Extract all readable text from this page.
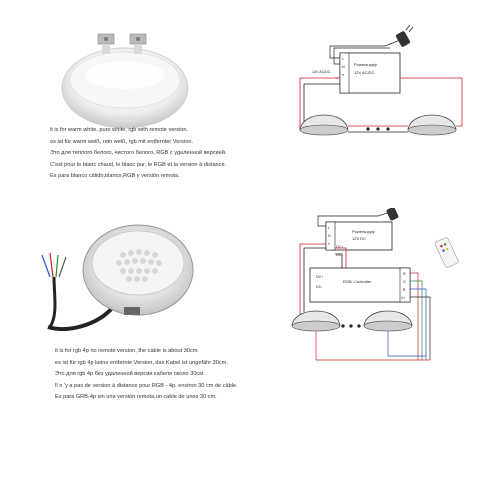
Powersupply
12V AC/DC
L
N
≡
12V AC/DC
it is for warm white, pure white, rgb with remote version.
es ist für warm weiß, rein weiß, rgb mit entfernter Version.
Это для теплого белого, чистого белого, RGB с удаленной версией.
C'est pour le blanc chaud, le blanc pur, le RGB et la version à distance.
Es para blanco cálido,blanco,RGB y versión remota.
Powersupply
12V DC
L
N
≡
DC+
DC-
RGB Controller
DC+
DC-
R
G
B
V+
it is for rgb 4p no remote version, the cable is about 30cm.
es ist für rgb 4p keine entfernte Version, das Kabel ist ungefähr 30cm.
Это для rgb 4p без удаленной версии кабеля около 30см.
Il n 'y a pas de version à distance pour RGB - 4p, environ 30 cm de câble.
Es para GRB-4p sin una versión remota,un cable de unos 30 cm.
